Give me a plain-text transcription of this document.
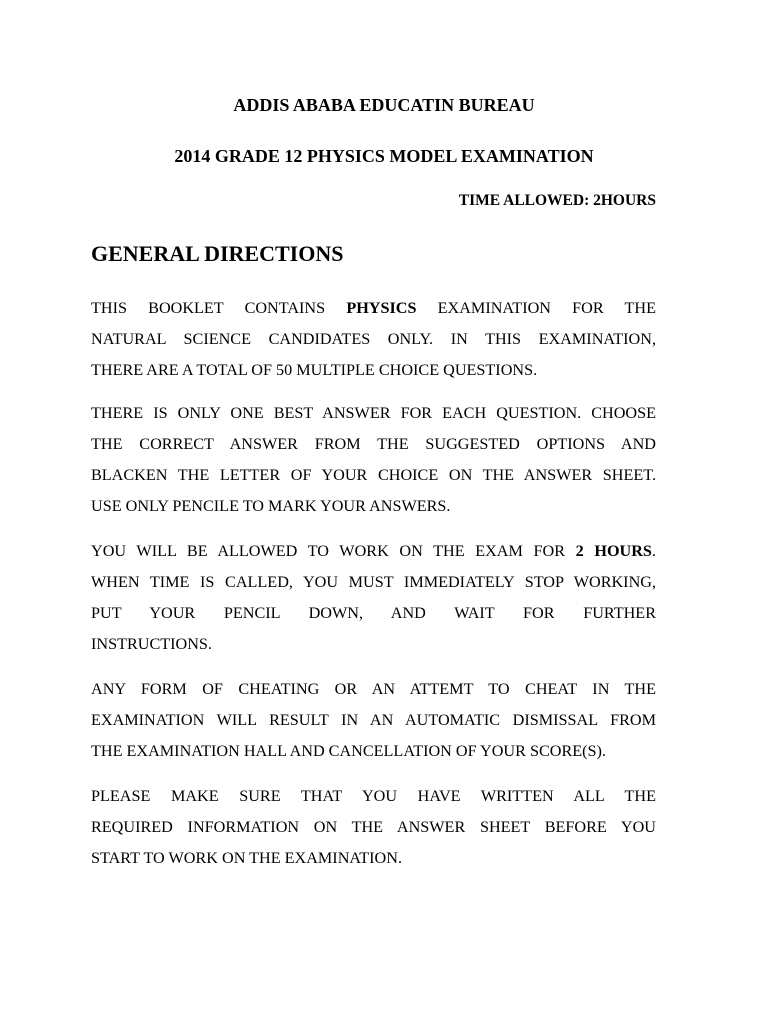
ADDIS ABABA EDUCATIN BUREAU
2014 GRADE 12 PHYSICS MODEL EXAMINATION
TIME ALLOWED: 2HOURS
GENERAL DIRECTIONS
THIS BOOKLET CONTAINS PHYSICS EXAMINATION FOR THE
NATURAL SCIENCE CANDIDATES ONLY. IN THIS EXAMINATION,
THERE ARE A TOTAL OF 50 MULTIPLE CHOICE QUESTIONS.
THERE IS ONLY ONE BEST ANSWER FOR EACH QUESTION. CHOOSE
THE CORRECT ANSWER FROM THE SUGGESTED OPTIONS AND
BLACKEN THE LETTER OF YOUR CHOICE ON THE ANSWER SHEET.
USE ONLY PENCILE TO MARK YOUR ANSWERS.
YOU WILL BE ALLOWED TO WORK ON THE EXAM FOR 2 HOURS.
WHEN TIME IS CALLED, YOU MUST IMMEDIATELY STOP WORKING,
PUT YOUR PENCIL DOWN, AND WAIT FOR FURTHER
INSTRUCTIONS.
ANY FORM OF CHEATING OR AN ATTEMT TO CHEAT IN THE
EXAMINATION WILL RESULT IN AN AUTOMATIC DISMISSAL FROM
THE EXAMINATION HALL AND CANCELLATION OF YOUR SCORE(S).
PLEASE MAKE SURE THAT YOU HAVE WRITTEN ALL THE
REQUIRED INFORMATION ON THE ANSWER SHEET BEFORE YOU
START TO WORK ON THE EXAMINATION.
